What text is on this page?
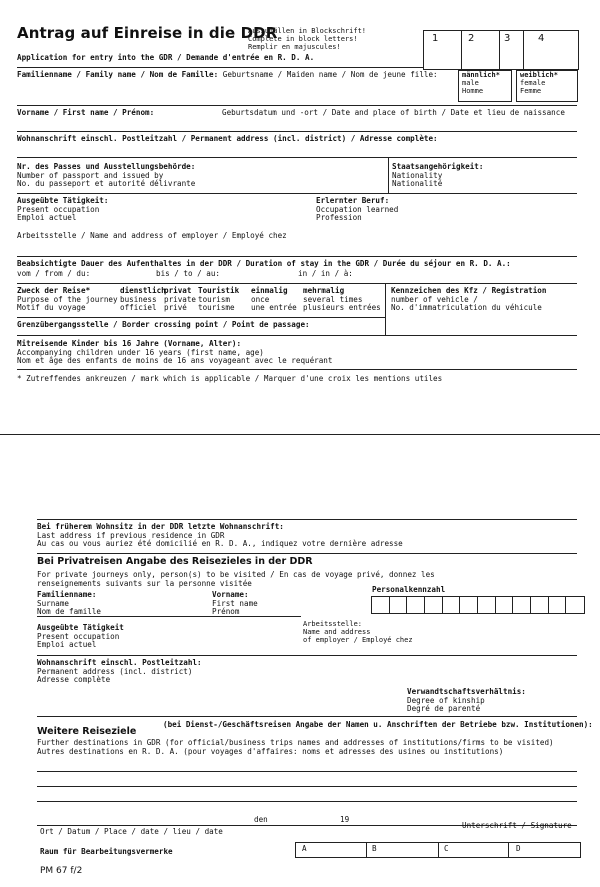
Antrag auf Einreise in die DDR
Auszufüllen in Blockschrift!
Complete in block letters!
Remplir en majuscules!
Application for entry into the GDR / Demande d'entrée en R. D. A.
1	2	3	4
Familienname / Family name / Nom de Famille: Geburtsname / Maiden name / Nom de jeune fille:	männlich*
male
Homme
weiblich*
female
Femme
Vorname / First name / Prénom:	Geburtsdatum und -ort / Date and place of birth / Date et lieu de naissance
Wohnanschrift einschl. Postleitzahl / Permanent address (incl. district) / Adresse complète:
Nr. des Passes und Ausstellungsbehörde:
Number of passport and issued by
No. du passeport et autorité délivrante
Staatsangehörigkeit:
Nationality
Nationalité
Ausgeübte Tätigkeit:
Present occupation
Emploi actuel
Erlernter Beruf:
Occupation learned
Profession
Arbeitsstelle / Name and address of employer / Employé chez
Beabsichtigte Dauer des Aufenthaltes in der DDR / Duration of stay in the GDR / Durée du séjour en R. D. A.:
vom / from / du:	bis / to / au:	in / in / à:
Zweck der Reise*
Purpose of the journey
Motif du voyage
dienstlich
business
officiel
privat
private
privé
Touristik
tourism
tourisme
einmalig
once
une entrée
mehrmalig
several times
plusieurs entrées
Kennzeichen des Kfz / Registration
number of vehicle /
No. d'immatriculation du véhicule
Grenzübergangsstelle / Border crossing point / Point de passage:
Mitreisende Kinder bis 16 Jahre (Vorname, Alter):
Accompanying children under 16 years (first name, age)
Nom et âge des enfants de moins de 16 ans voyageant avec le requérant
* Zutreffendes ankreuzen / mark which is applicable / Marquer d'une croix les mentions utiles
Bei früherem Wohnsitz in der DDR letzte Wohnanschrift:
Last address if previous residence in GDR
Au cas ou vous auriez été domicilié en R. D. A., indiquez votre dernière adresse
Bei Privatreisen Angabe des Reisezieles in der DDR
For private journeys only, person(s) to be visited / En cas de voyage privé, donnez les
renseignements suivants sur la personne visitée
Familienname:
Surname
Nom de famille
Vorname:
First name
Prénom
Personalkennzahl
Ausgeübte Tätigkeit
Present occupation
Emploi actuel
Arbeitsstelle:
Name and address
of employer / Employé chez
Wohnanschrift einschl. Postleitzahl:
Permanent address (incl. district)
Adresse complète
Verwandtschaftsverhältnis:
Degree of kinship
Degré de parenté
Weitere Reiseziele
(bei Dienst-/Geschäftsreisen Angabe der Namen u. Anschriften der Betriebe bzw. Institutionen):
Further destinations in GDR (for official/business trips names and addresses of institutions/firms to be visited)
Autres destinations en R. D. A. (pour voyages d'affaires: noms et adresses des usines ou institutions)
den	19
Ort / Datum / Place / date / lieu / date
Unterschrift / Signature
Raum für Bearbeitungsvermerke	A	B	C	D
PM 67 f/2
